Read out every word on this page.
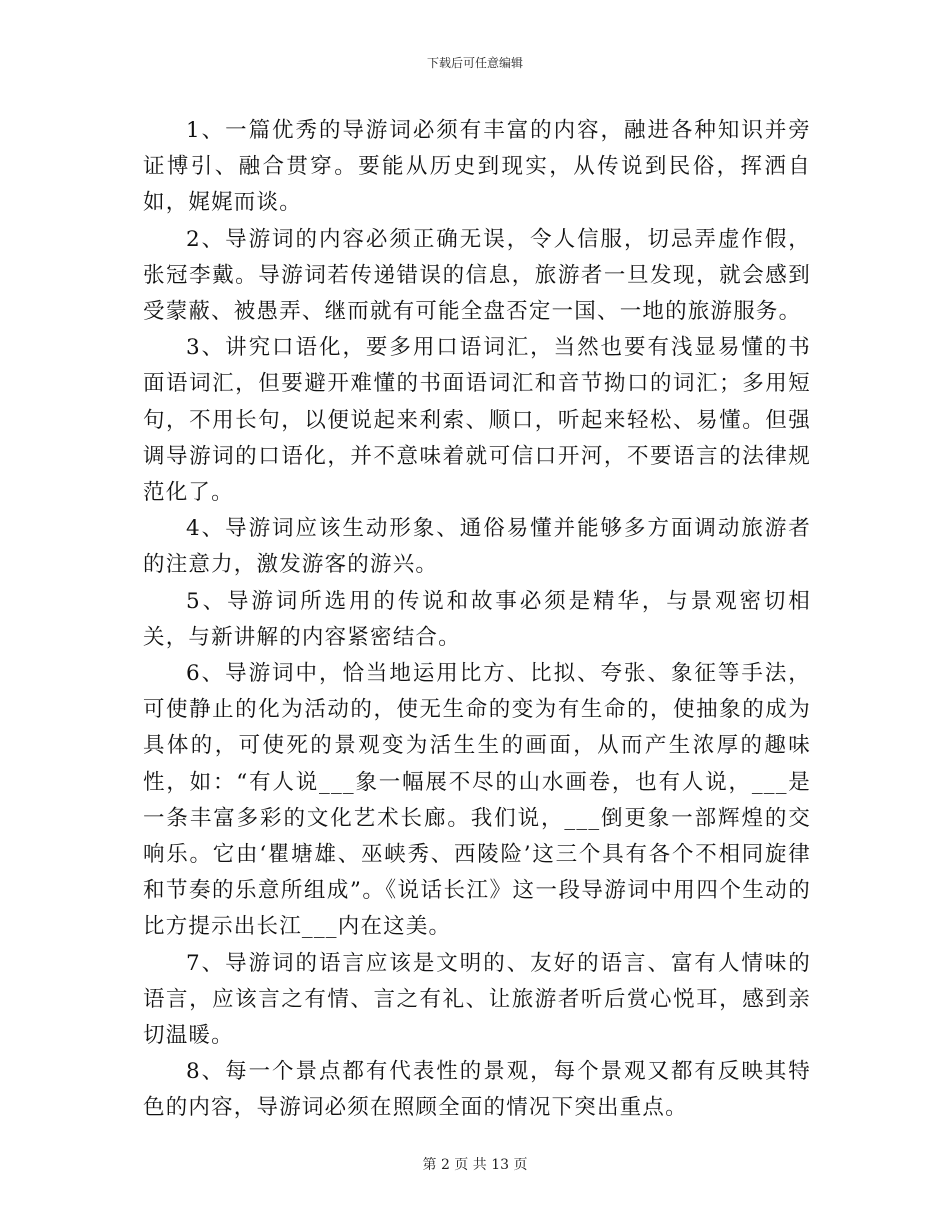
下载后可任意编辑

1、一篇优秀的导游词必须有丰富的内容，融进各种知识并旁证博引、融合贯穿。要能从历史到现实，从传说到民俗，挥洒自如，娓娓而谈。

2、导游词的内容必须正确无误，令人信服，切忌弄虚作假，张冠李戴。导游词若传递错误的信息，旅游者一旦发现，就会感到受蒙蔽、被愚弄、继而就有可能全盘否定一国、一地的旅游服务。

3、讲究口语化，要多用口语词汇，当然也要有浅显易懂的书面语词汇，但要避开难懂的书面语词汇和音节拗口的词汇；多用短句，不用长句，以便说起来利索、顺口，听起来轻松、易懂。但强调导游词的口语化，并不意味着就可信口开河，不要语言的法律规范化了。

4、导游词应该生动形象、通俗易懂并能够多方面调动旅游者的注意力，激发游客的游兴。

5、导游词所选用的传说和故事必须是精华，与景观密切相关，与新讲解的内容紧密结合。

6、导游词中，恰当地运用比方、比拟、夸张、象征等手法，可使静止的化为活动的，使无生命的变为有生命的，使抽象的成为具体的，可使死的景观变为活生生的画面，从而产生浓厚的趣味性，如：“有人说___象一幅展不尽的山水画卷，也有人说，___是一条丰富多彩的文化艺术长廊。我们说，___倒更象一部辉煌的交响乐。它由‘瞿塘雄、巫峡秀、西陵险’这三个具有各个不相同旋律和节奏的乐意所组成”。《说话长江》这一段导游词中用四个生动的比方提示出长江___内在这美。

7、导游词的语言应该是文明的、友好的语言、富有人情味的语言，应该言之有情、言之有礼、让旅游者听后赏心悦耳，感到亲切温暖。

8、每一个景点都有代表性的景观，每个景观又都有反映其特色的内容，导游词必须在照顾全面的情况下突出重点。

第 2 页 共 13 页
